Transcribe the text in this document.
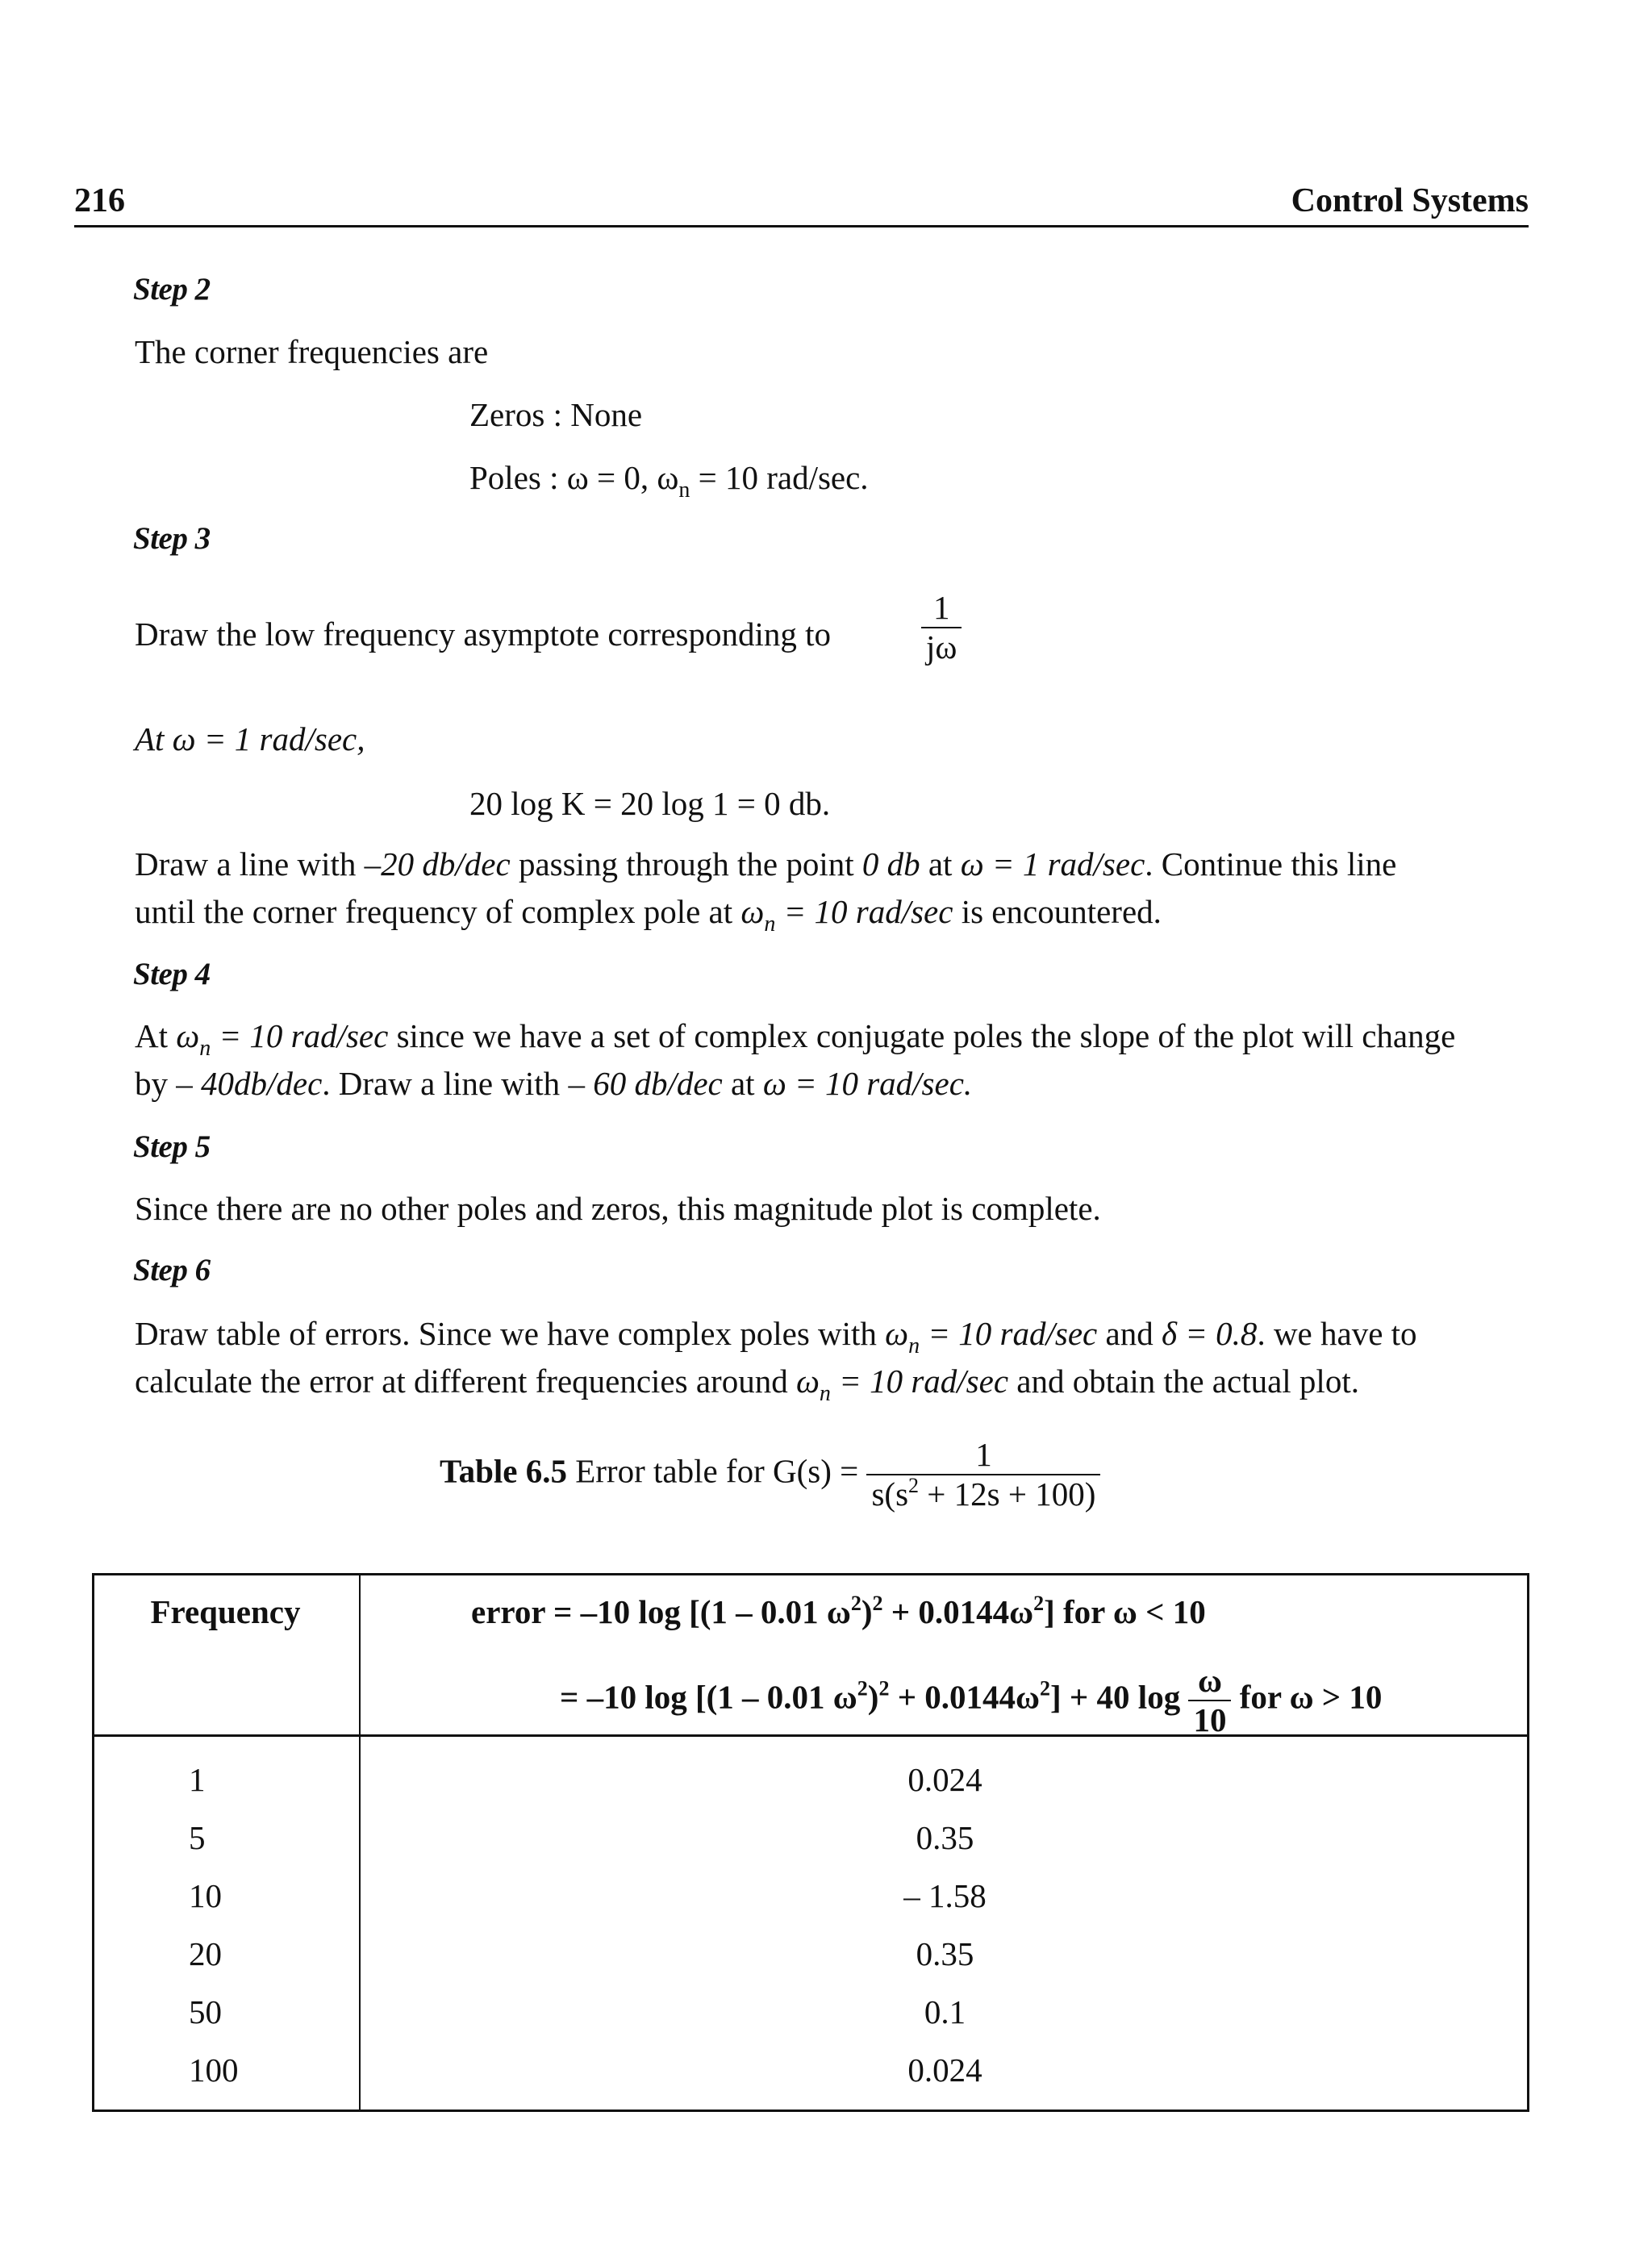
216	Control Systems
Step 2
The corner frequencies are
Zeros : None
Poles : ω = 0, $\omega_n = 10$ rad/sec.
Step 3
Draw the low frequency asymptote corresponding to	$\frac{1}{j\omega}$
At ω = 1 rad/sec,
20 log K = 20 log 1 = 0 db.
Draw a line with –20 db/dec passing through the point 0 db at ω = 1 rad/sec. Continue this line
until the corner frequency of complex pole at $\omega_n = 10$ rad/sec is encountered.
Step 4
At $\omega_n = 10$ rad/sec since we have a set of complex conjugate poles the slope of the plot will change
by – 40db/dec. Draw a line with – 60 db/dec at ω = 10 rad/sec.
Step 5
Since there are no other poles and zeros, this magnitude plot is complete.
Step 6
Draw table of errors. Since we have complex poles with $\omega_n = 10$ rad/sec and δ = 0.8. we have to
calculate the error at different frequencies around $\omega_n = 10$ rad/sec and obtain the actual plot.
Table 6.5 Error table for $G(s) = \frac{1}{s(s^2 + 12s + 100)}$
Frequency	error = –10 log [(1 – 0.01 $\omega^2)^2 + 0.0144\omega^2$] for ω < 10
= –10 log [(1 – 0.01 $\omega^2)^2 + 0.0144\omega^2] + 40$ $\log \frac{\omega}{10}$ for ω > 10
1	0.024
5	0.35
10	– 1.58
20	0.35
50	0.1
100	0.024
